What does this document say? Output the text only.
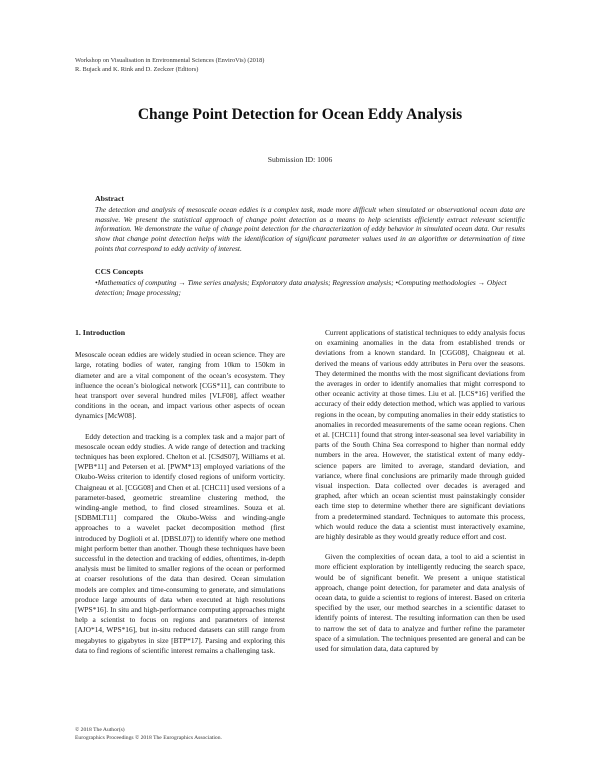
Workshop on Visualisation in Environmental Sciences (EnviroVis) (2018)
R. Bujack and K. Rink and D. Zeckzer (Editors)
Change Point Detection for Ocean Eddy Analysis
Submission ID: 1006
Abstract
The detection and analysis of mesoscale ocean eddies is a complex task, made more difficult when simulated or observational ocean data are massive. We present the statistical approach of change point detection as a means to help scientists efficiently extract relevant scientific information. We demonstrate the value of change point detection for the characterization of eddy behavior in simulated ocean data. Our results show that change point detection helps with the identification of significant parameter values used in an algorithm or determination of time points that correspond to eddy activity of interest.
CCS Concepts
•Mathematics of computing → Time series analysis; Exploratory data analysis; Regression analysis; •Computing methodologies → Object detection; Image processing;
1. Introduction

Mesoscale ocean eddies are widely studied in ocean science. They are large, rotating bodies of water, ranging from 10km to 150km in diameter and are a vital component of the ocean’s ecosystem. They influence the ocean’s biological network [CGS*11], can contribute to heat transport over several hundred miles [VLF08], affect weather conditions in the ocean, and impact various other aspects of ocean dynamics [McW08].

Eddy detection and tracking is a complex task and a major part of mesoscale ocean eddy studies. A wide range of detection and tracking techniques has been explored. Chelton et al. [CSdS07], Williams et al. [WPB*11] and Petersen et al. [PWM*13] employed variations of the Okubo-Weiss criterion to identify closed regions of uniform vorticity. Chaigneau et al. [CGG08] and Chen et al. [CHC11] used versions of a parameter-based, geometric streamline clustering method, the winding-angle method, to find closed streamlines. Souza et al. [SDBMLT11] compared the Okubo-Weiss and winding-angle approaches to a wavelet packet decomposition method (first introduced by Doglioli et al. [DBSL07]) to identify where one method might perform better than another. Though these techniques have been successful in the detection and tracking of eddies, oftentimes, in-depth analysis must be limited to smaller regions of the ocean or performed at coarser resolutions of the data than desired. Ocean simulation models are complex and time-consuming to generate, and simulations produce large amounts of data when executed at high resolutions [WPS*16]. In situ and high-performance computing approaches might help a scientist to focus on regions and parameters of interest [AJO*14, WPS*16], but in-situ reduced datasets can still range from megabytes to gigabytes in size [BTP*17]. Parsing and exploring this data to find regions of scientific interest remains a challenging task.

Current applications of statistical techniques to eddy analysis focus on examining anomalies in the data from established trends or deviations from a known standard. In [CGG08], Chaigneau et al. derived the means of various eddy attributes in Peru over the seasons. They determined the months with the most significant deviations from the averages in order to identify anomalies that might correspond to other oceanic activity at those times. Liu et al. [LCS*16] verified the accuracy of their eddy detection method, which was applied to various regions in the ocean, by computing anomalies in their eddy statistics to anomalies in recorded measurements of the same ocean regions. Chen et al. [CHC11] found that strong inter-seasonal sea level variability in parts of the South China Sea correspond to higher than normal eddy numbers in the area. However, the statistical extent of many eddy-science papers are limited to average, standard deviation, and variance, where final conclusions are primarily made through guided visual inspection. Data collected over decades is averaged and graphed, after which an ocean scientist must painstakingly consider each time step to determine whether there are significant deviations from a predetermined standard. Techniques to automate this process, which would reduce the data a scientist must interactively examine, are highly desirable as they would greatly reduce effort and cost.

Given the complexities of ocean data, a tool to aid a scientist in more efficient exploration by intelligently reducing the search space, would be of significant benefit. We present a unique statistical approach, change point detection, for parameter and data analysis of ocean data, to guide a scientist to regions of interest. Based on criteria specified by the user, our method searches in a scientific dataset to identify points of interest. The resulting information can then be used to narrow the set of data to analyze and further refine the parameter space of a simulation. The techniques presented are general and can be used for simulation data, data captured by

© 2018 The Author(s)
Eurographics Proceedings © 2018 The Eurographics Association.
